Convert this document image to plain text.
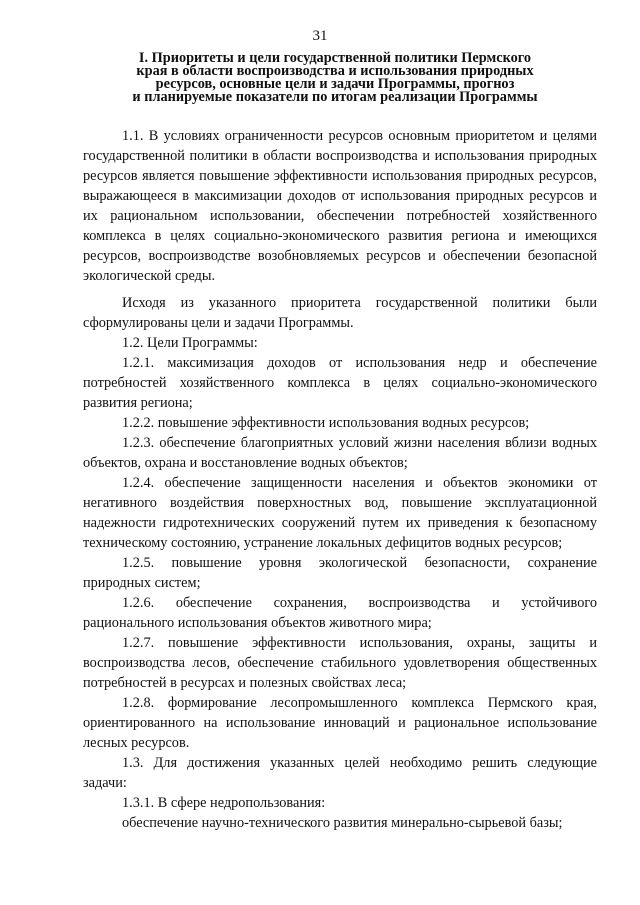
31
I. Приоритеты и цели государственной политики Пермского
края в области воспроизводства и использования природных
ресурсов, основные цели и задачи Программы, прогноз
и планируемые показатели по итогам реализации Программы

1.1. В условиях ограниченности ресурсов основным приоритетом и целями государственной политики в области воспроизводства и использования природных ресурсов является повышение эффективности использования природных ресурсов, выражающееся в максимизации доходов от использования природных ресурсов и их рациональном использовании, обеспечении потребностей хозяйственного комплекса в целях социально-экономического развития региона и имеющихся ресурсов, воспроизводстве возобновляемых ресурсов и обеспечении безопасной экологической среды.

Исходя из указанного приоритета государственной политики были сформулированы цели и задачи Программы.

1.2. Цели Программы:

1.2.1. максимизация доходов от использования недр и обеспечение потребностей хозяйственного комплекса в целях социально-экономического развития региона;

1.2.2. повышение эффективности использования водных ресурсов;

1.2.3. обеспечение благоприятных условий жизни населения вблизи водных объектов, охрана и восстановление водных объектов;

1.2.4. обеспечение защищенности населения и объектов экономики от негативного воздействия поверхностных вод, повышение эксплуатационной надежности гидротехнических сооружений путем их приведения к безопасному техническому состоянию, устранение локальных дефицитов водных ресурсов;

1.2.5. повышение уровня экологической безопасности, сохранение природных систем;

1.2.6. обеспечение сохранения, воспроизводства и устойчивого рационального использования объектов животного мира;

1.2.7. повышение эффективности использования, охраны, защиты и воспроизводства лесов, обеспечение стабильного удовлетворения общественных потребностей в ресурсах и полезных свойствах леса;

1.2.8. формирование лесопромышленного комплекса Пермского края, ориентированного на использование инноваций и рациональное использование лесных ресурсов.

1.3. Для достижения указанных целей необходимо решить следующие задачи:

1.3.1. В сфере недропользования:

обеспечение научно-технического развития минерально-сырьевой базы;
